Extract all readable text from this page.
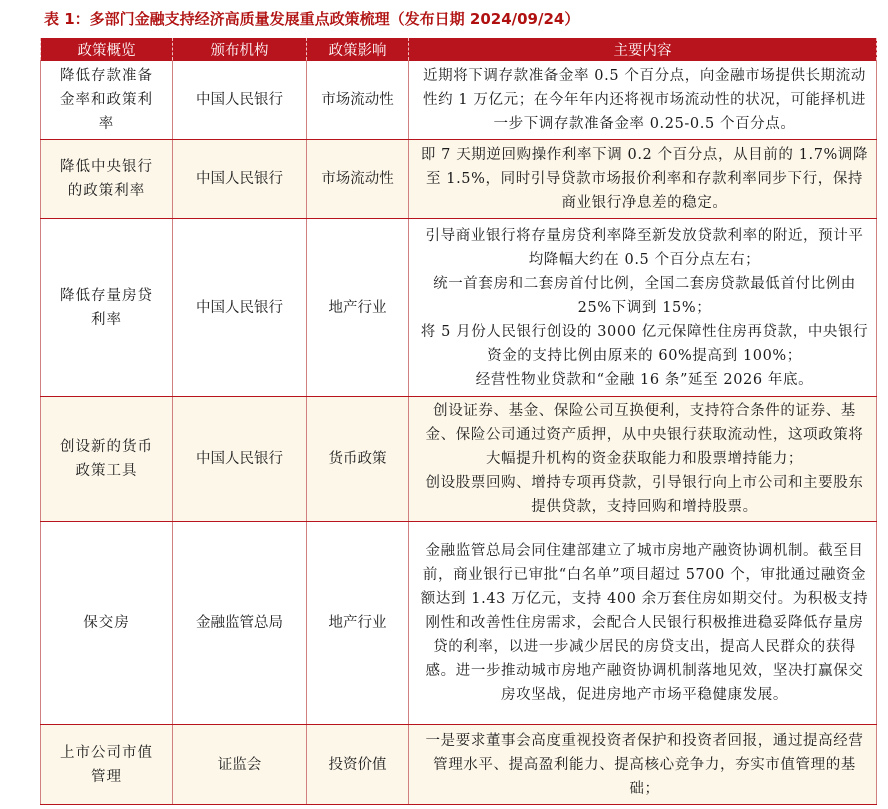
表 1：多部门金融支持经济高质量发展重点政策梳理（发布日期 2024/09/24）
政策概览	颁布机构	政策影响	主要内容
降低存款准备金率和政策利率	中国人民银行	市场流动性	近期将下调存款准备金率 0.5 个百分点，向金融市场提供长期流动性约 1 万亿元；在今年年内还将视市场流动性的状况，可能择机进一步下调存款准备金率 0.25-0.5 个百分点。

降低中央银行的政策利率	中国人民银行	市场流动性	即 7 天期逆回购操作利率下调 0.2 个百分点，从目前的 1.7%调降至 1.5%，同时引导贷款市场报价利率和存款利率同步下行，保持商业银行净息差的稳定。

降低存量房贷利率	中国人民银行	地产行业	引导商业银行将存量房贷利率降至新发放贷款利率的附近，预计平均降幅大约在 0.5 个百分点左右；
统一首套房和二套房首付比例，全国二套房贷款最低首付比例由 25%下调到 15%；
将 5 月份人民银行创设的 3000 亿元保障性住房再贷款，中央银行资金的支持比例由原来的 60%提高到 100%；
经营性物业贷款和“金融 16 条”延至 2026 年底。

创设新的货币政策工具	中国人民银行	货币政策	创设证券、基金、保险公司互换便利，支持符合条件的证券、基金、保险公司通过资产质押，从中央银行获取流动性，这项政策将大幅提升机构的资金获取能力和股票增持能力；
创设股票回购、增持专项再贷款，引导银行向上市公司和主要股东提供贷款，支持回购和增持股票。

保交房	金融监管总局	地产行业	金融监管总局会同住建部建立了城市房地产融资协调机制。截至目前，商业银行已审批“白名单”项目超过 5700 个，审批通过融资金额达到 1.43 万亿元，支持 400 余万套住房如期交付。为积极支持刚性和改善性住房需求，会配合人民银行积极推进稳妥降低存量房贷的利率，以进一步减少居民的房贷支出，提高人民群众的获得感。进一步推动城市房地产融资协调机制落地见效，坚决打赢保交房攻坚战，促进房地产市场平稳健康发展。

上市公司市值管理	证监会	投资价值	一是要求董事会高度重视投资者保护和投资者回报，通过提高经营管理水平、提高盈利能力、提高核心竞争力，夯实市值管理的基础；
